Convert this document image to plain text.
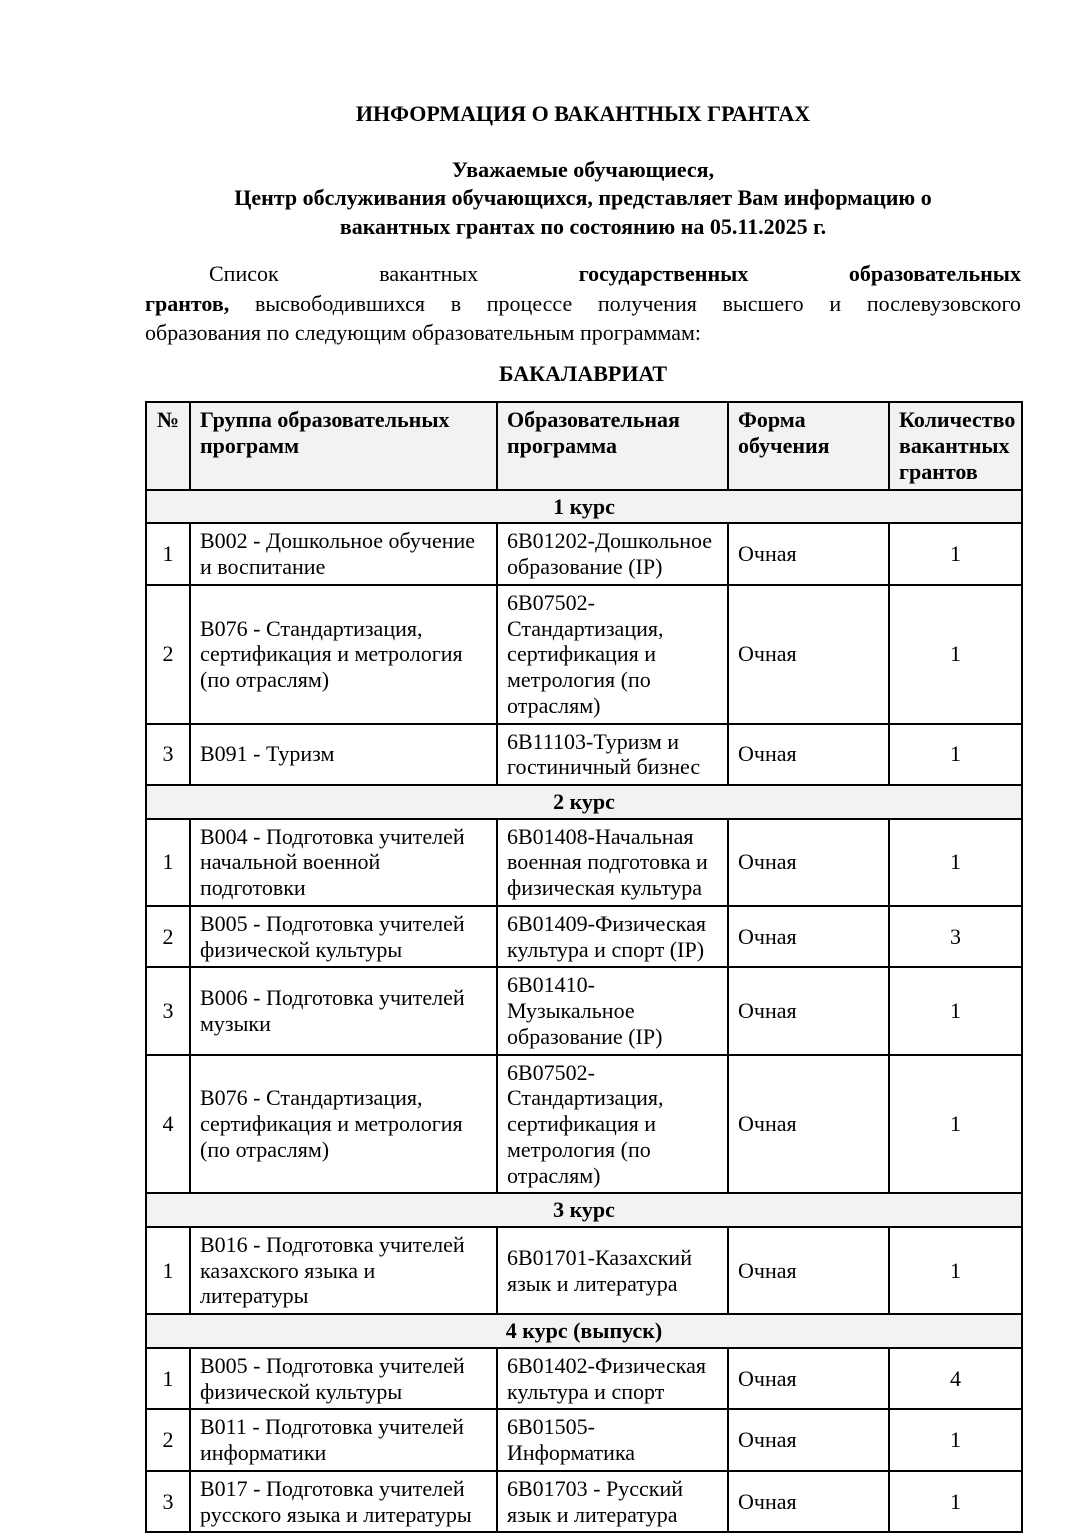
ИНФОРМАЦИЯ О ВАКАНТНЫХ ГРАНТАХ
Уважаемые обучающиеся,
Центр обслуживания обучающихся, представляет Вам информацию о
вакантных грантах по состоянию на 05.11.2025 г.
Список	вакантных	государственных	образовательных
грантов, высвободившихся в процессе получения высшего и послевузовского
образования по следующим образовательным программам:
БАКАЛАВРИАТ
№	Группа образовательных программ	Образовательная программа	Форма обучения	Количество вакантных грантов
1 курс				
1	В002 - Дошкольное обучение и воспитание	6В01202-Дошкольное образование (IP)	Очная	1
2	В076 - Стандартизация, сертификация и метрология (по отраслям)	6В07502-Стандартизация, сертификация и метрология (по отраслям)	Очная	1
3	В091 - Туризм	6В11103-Туризм и гостиничный бизнес	Очная	1
2 курс				
1	В004 - Подготовка учителей начальной военной подготовки	6В01408-Начальная военная подготовка и физическая культура	Очная	1
2	В005 - Подготовка учителей физической культуры	6В01409-Физическая культура и спорт (IP)	Очная	3
3	В006 - Подготовка учителей музыки	6В01410-Музыкальное образование (IP)	Очная	1
4	В076 - Стандартизация, сертификация и метрология (по отраслям)	6В07502-Стандартизация, сертификация и метрология (по отраслям)	Очная	1
3 курс				
1	В016 - Подготовка учителей казахского языка и литературы	6В01701-Казахский язык и литература	Очная	1
4 курс (выпуск)				
1	В005 - Подготовка учителей физической культуры	6В01402-Физическая культура и спорт	Очная	4
2	В011 - Подготовка учителей информатики	6В01505-Информатика	Очная	1
3	В017 - Подготовка учителей русского языка и литературы	6В01703 - Русский язык и литература	Очная	1
